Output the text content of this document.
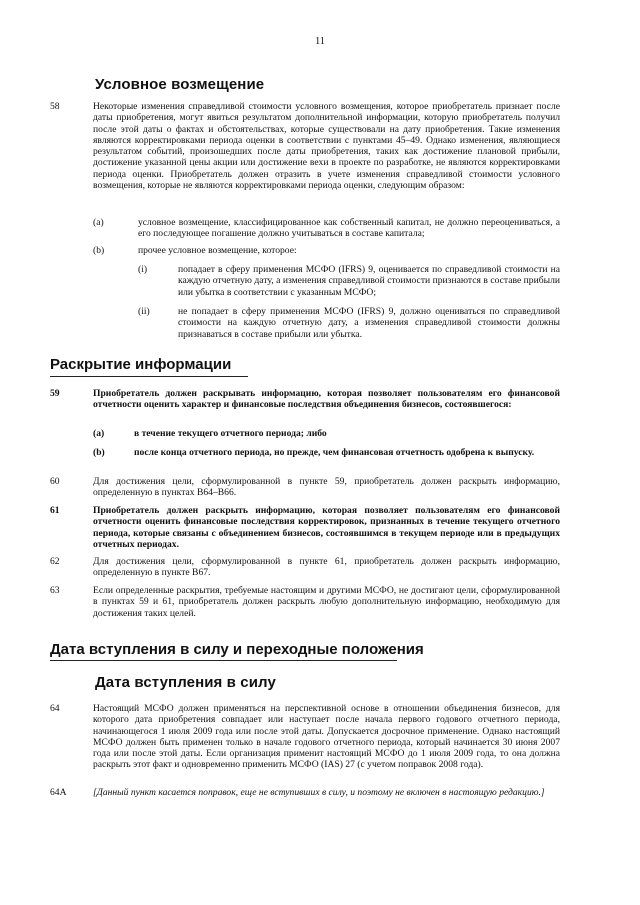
11
Условное возмещение
58	Некоторые изменения справедливой стоимости условного возмещения, которое приобретатель признает после даты приобретения, могут явиться результатом дополнительной информации, которую приобретатель получил после этой даты о фактах и обстоятельствах, которые существовали на дату приобретения. Такие изменения являются корректировками периода оценки в соответствии с пунктами 45–49. Однако изменения, являющиеся результатом событий, произошедших после даты приобретения, таких как достижение плановой прибыли, достижение указанной цены акции или достижение вехи в проекте по разработке, не являются корректировками периода оценки. Приобретатель должен отразить в учете изменения справедливой стоимости условного возмещения, которые не являются корректировками периода оценки, следующим образом:
(a)	условное возмещение, классифицированное как собственный капитал, не должно переоцениваться, а его последующее погашение должно учитываться в составе капитала;
(b)	прочее условное возмещение, которое:
(i)	попадает в сферу применения МСФО (IFRS) 9, оценивается по справедливой стоимости на каждую отчетную дату, а изменения справедливой стоимости признаются в составе прибыли или убытка в соответствии с указанным МСФО;
(ii)	не попадает в сферу применения МСФО (IFRS) 9, должно оцениваться по справедливой стоимости на каждую отчетную дату, а изменения справедливой стоимости должны признаваться в составе прибыли или убытка.
Раскрытие информации
59	Приобретатель должен раскрывать информацию, которая позволяет пользователям его финансовой отчетности оценить характер и финансовые последствия объединения бизнесов, состоявшегося:
(a)	в течение текущего отчетного периода; либо
(b)	после конца отчетного периода, но прежде, чем финансовая отчетность одобрена к выпуску.
60	Для достижения цели, сформулированной в пункте 59, приобретатель должен раскрыть информацию, определенную в пунктах B64–B66.
61	Приобретатель должен раскрыть информацию, которая позволяет пользователям его финансовой отчетности оценить финансовые последствия корректировок, признанных в течение текущего отчетного периода, которые связаны с объединением бизнесов, состоявшимся в текущем периоде или в предыдущих отчетных периодах.
62	Для достижения цели, сформулированной в пункте 61, приобретатель должен раскрыть информацию, определенную в пункте B67.
63	Если определенные раскрытия, требуемые настоящим и другими МСФО, не достигают цели, сформулированной в пунктах 59 и 61, приобретатель должен раскрыть любую дополнительную информацию, необходимую для достижения таких целей.
Дата вступления в силу и переходные положения
Дата вступления в силу
64	Настоящий МСФО должен применяться на перспективной основе в отношении объединения бизнесов, для которого дата приобретения совпадает или наступает после начала первого годового отчетного периода, начинающегося 1 июля 2009 года или после этой даты. Допускается досрочное применение. Однако настоящий МСФО должен быть применен только в начале годового отчетного периода, который начинается 30 июня 2007 года или после этой даты. Если организация применит настоящий МСФО до 1 июля 2009 года, то она должна раскрыть этот факт и одновременно применить МСФО (IAS) 27 (с учетом поправок 2008 года).
64A	[Данный пункт касается поправок, еще не вступивших в силу, и поэтому не включен в настоящую редакцию.]
